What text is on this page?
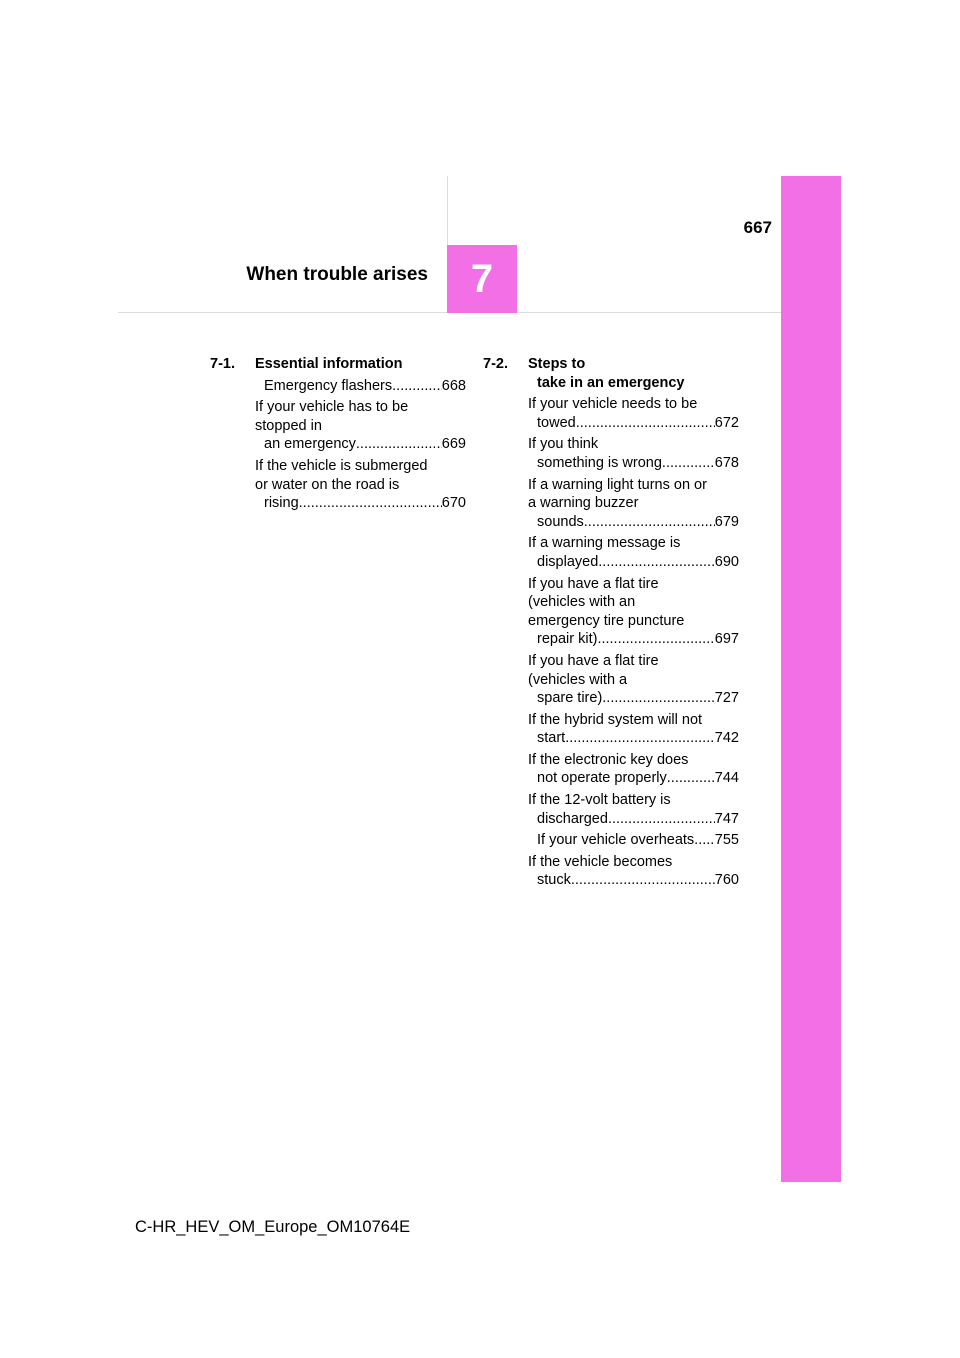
667
When trouble arises	7
7-1. Essential information
Emergency flashers .....	668
If your vehicle has to be
stopped in
an emergency .....	669
If the vehicle is submerged
or water on the road is
rising .....	670
7-2. Steps to
take in an emergency
If your vehicle needs to be
towed .....	672
If you think
something is wrong .....	678
If a warning light turns on or
a warning buzzer
sounds .....	679
If a warning message is
displayed .....	690
If you have a flat tire
(vehicles with an
emergency tire puncture
repair kit) .....	697
If you have a flat tire
(vehicles with a
spare tire) .....	727
If the hybrid system will not
start .....	742
If the electronic key does
not operate properly .....	744
If the 12-volt battery is
discharged .....	747
If your vehicle overheats ..... 755
If the vehicle becomes
stuck .....	760
C-HR_HEV_OM_Europe_OM10764E
